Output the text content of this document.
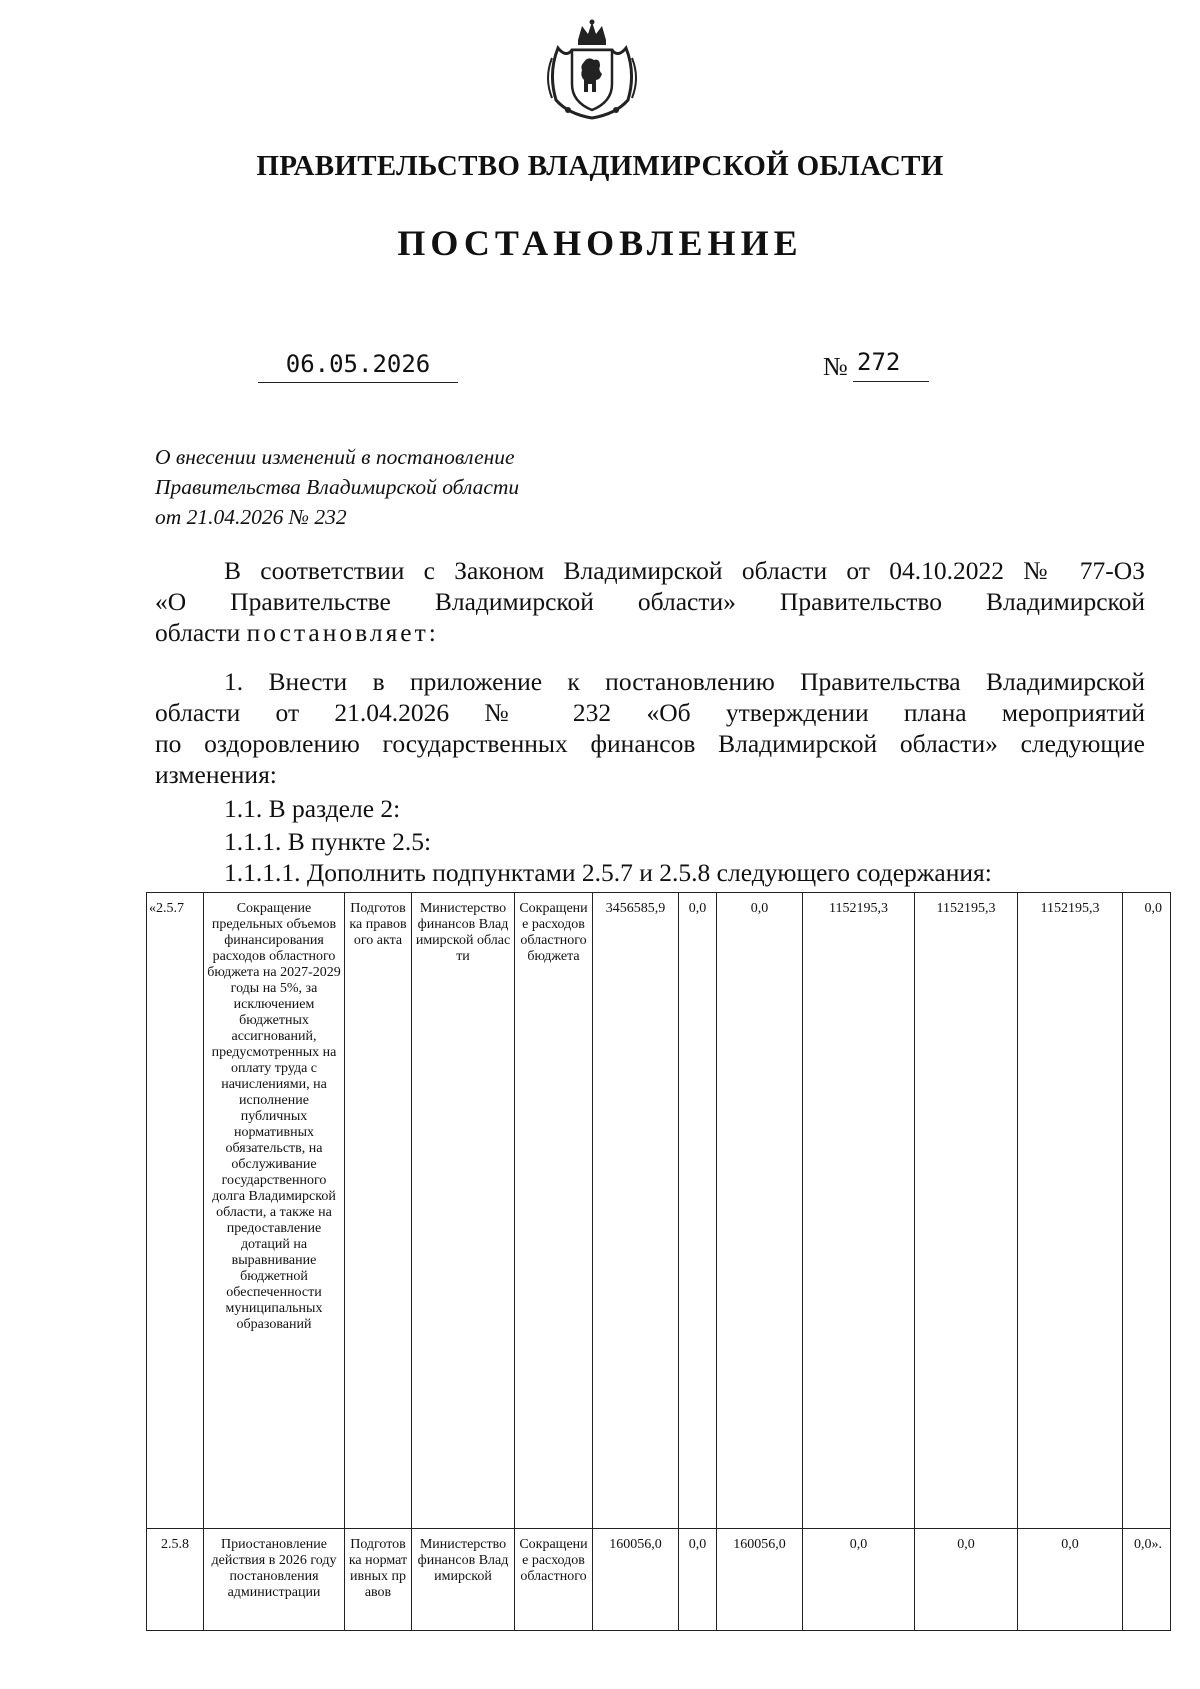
ПРАВИТЕЛЬСТВО ВЛАДИМИРСКОЙ ОБЛАСТИ
ПОСТАНОВЛЕНИЕ
06.05.2026	№ 272
О внесении изменений в постановление
Правительства Владимирской области
от 21.04.2026 № 232
В соответствии с Законом Владимирской области от 04.10.2022 № 77-ОЗ
«О Правительстве Владимирской области» Правительство Владимирской
области постановляет:
1. Внести в приложение к постановлению Правительства Владимирской
области от 21.04.2026 № 232 «Об утверждении плана мероприятий
по оздоровлению государственных финансов Владимирской области» следующие
изменения:
1.1. В разделе 2:
1.1.1. В пункте 2.5:
1.1.1.1. Дополнить подпунктами 2.5.7 и 2.5.8 следующего содержания:
«2.5.7	Сокращение предельных объемов финансирования расходов областного бюджета на 2027-2029 годы на 5%, за исключением бюджетных ассигнований, предусмотренных на оплату труда с начислениями, на исполнение публичных нормативных обязательств, на обслуживание государственного долга Владимирской области, а также на предоставление дотаций на выравнивание бюджетной обеспеченности муниципальных образований	Подготовка правового акта	Министерство финансов Владимирской области	Сокращение расходов областного бюджета	3456585,9	0,0	0,0	1152195,3	1152195,3	1152195,3	0,0
2.5.8	Приостановление действия в 2026 году постановления администрации	Подготовка нормативных правов	Министерство финансов Владимирской	Сокращение расходов областного	160056,0	0,0	160056,0	0,0	0,0	0,0	0,0».
